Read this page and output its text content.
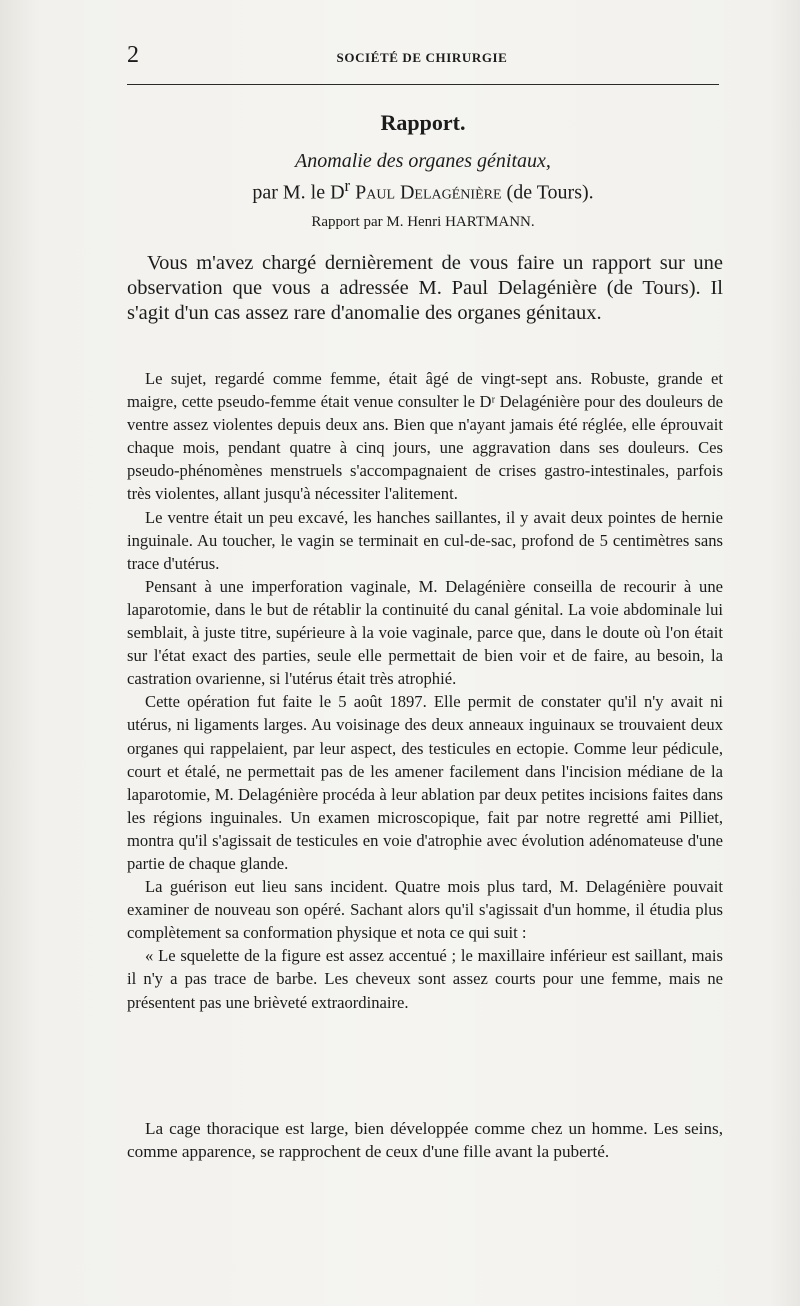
2	SOCIÉTÉ DE CHIRURGIE
Rapport.
Anomalie des organes génitaux,
par M. le $D^r$ Paul Delagénière (de Tours).
Rapport par M. Henri HARTMANN.

Vous m'avez chargé dernièrement de vous faire un rapport sur une observation que vous a adressée M. Paul Delagénière (de Tours). Il s'agit d'un cas assez rare d'anomalie des organes génitaux.

Le sujet, regardé comme femme, était âgé de vingt-sept ans. Robuste, grande et maigre, cette pseudo-femme était venue consulter le Dʳ Delagénière pour des douleurs de ventre assez violentes depuis deux ans. Bien que n'ayant jamais été réglée, elle éprouvait chaque mois, pendant quatre à cinq jours, une aggravation dans ses douleurs. Ces pseudo-phénomènes menstruels s'accompagnaient de crises gastro-intestinales, parfois très violentes, allant jusqu'à nécessiter l'alitement.

Le ventre était un peu excavé, les hanches saillantes, il y avait deux pointes de hernie inguinale. Au toucher, le vagin se terminait en cul-de-sac, profond de 5 centimètres sans trace d'utérus.

Pensant à une imperforation vaginale, M. Delagénière conseilla de recourir à une laparotomie, dans le but de rétablir la continuité du canal génital. La voie abdominale lui semblait, à juste titre, supérieure à la voie vaginale, parce que, dans le doute où l'on était sur l'état exact des parties, seule elle permettait de bien voir et de faire, au besoin, la castration ovarienne, si l'utérus était très atrophié.

Cette opération fut faite le 5 août 1897. Elle permit de constater qu'il n'y avait ni utérus, ni ligaments larges. Au voisinage des deux anneaux inguinaux se trouvaient deux organes qui rappelaient, par leur aspect, des testicules en ectopie. Comme leur pédicule, court et étalé, ne permettait pas de les amener facilement dans l'incision médiane de la laparotomie, M. Delagénière procéda à leur ablation par deux petites incisions faites dans les régions inguinales. Un examen microscopique, fait par notre regretté ami Pilliet, montra qu'il s'agissait de testicules en voie d'atrophie avec évolution adénomateuse d'une partie de chaque glande.

La guérison eut lieu sans incident. Quatre mois plus tard, M. Delagénière pouvait examiner de nouveau son opéré. Sachant alors qu'il s'agissait d'un homme, il étudia plus complètement sa conformation physique et nota ce qui suit :

« Le squelette de la figure est assez accentué ; le maxillaire inférieur est saillant, mais il n'y a pas trace de barbe. Les cheveux sont assez courts pour une femme, mais ne présentent pas une brièveté extraordinaire.

La cage thoracique est large, bien développée comme chez un homme. Les seins, comme apparence, se rapprochent de ceux d'une fille avant la puberté.
